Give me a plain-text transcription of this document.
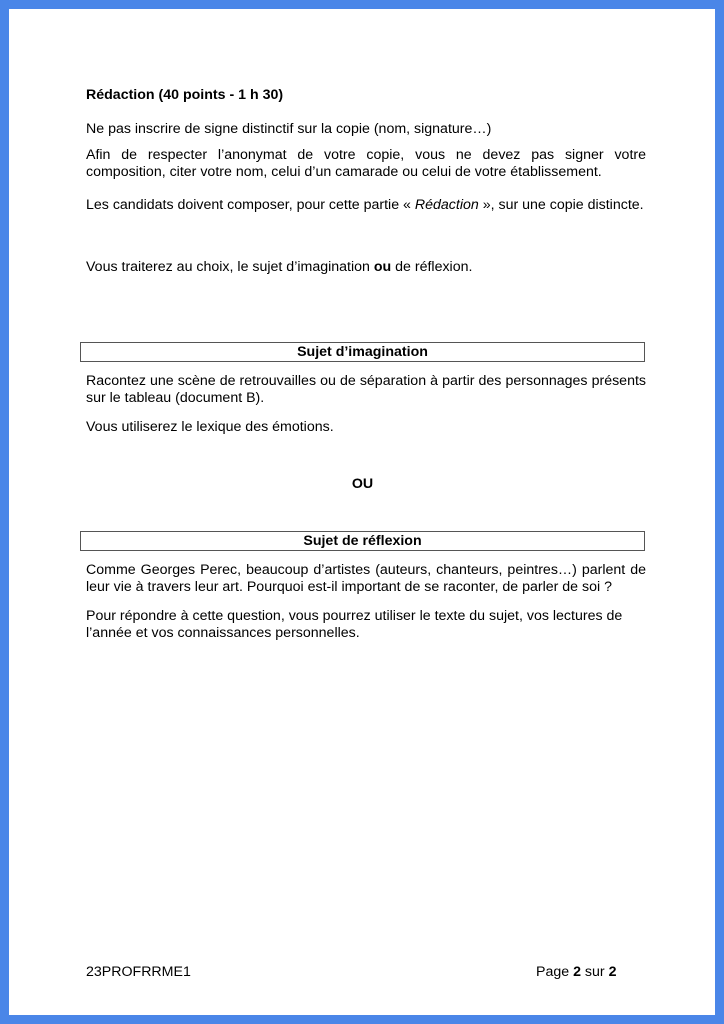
Rédaction (40 points - 1 h 30)

Ne pas inscrire de signe distinctif sur la copie (nom, signature…)

Afin de respecter l’anonymat de votre copie, vous ne devez pas signer votre composition, citer votre nom, celui d’un camarade ou celui de votre établissement.

Les candidats doivent composer, pour cette partie « Rédaction », sur une copie distincte.

Vous traiterez au choix, le sujet d’imagination ou de réflexion.

Sujet d’imagination

Racontez une scène de retrouvailles ou de séparation à partir des personnages présents sur le tableau (document B).

Vous utiliserez le lexique des émotions.

OU
Sujet de réflexion

Comme Georges Perec, beaucoup d’artistes (auteurs, chanteurs, peintres…) parlent de leur vie à travers leur art. Pourquoi est-il important de se raconter, de parler de soi ?

Pour répondre à cette question, vous pourrez utiliser le texte du sujet, vos lectures de l’année et vos connaissances personnelles.

23PROFRRME1	Page 2 sur 2
